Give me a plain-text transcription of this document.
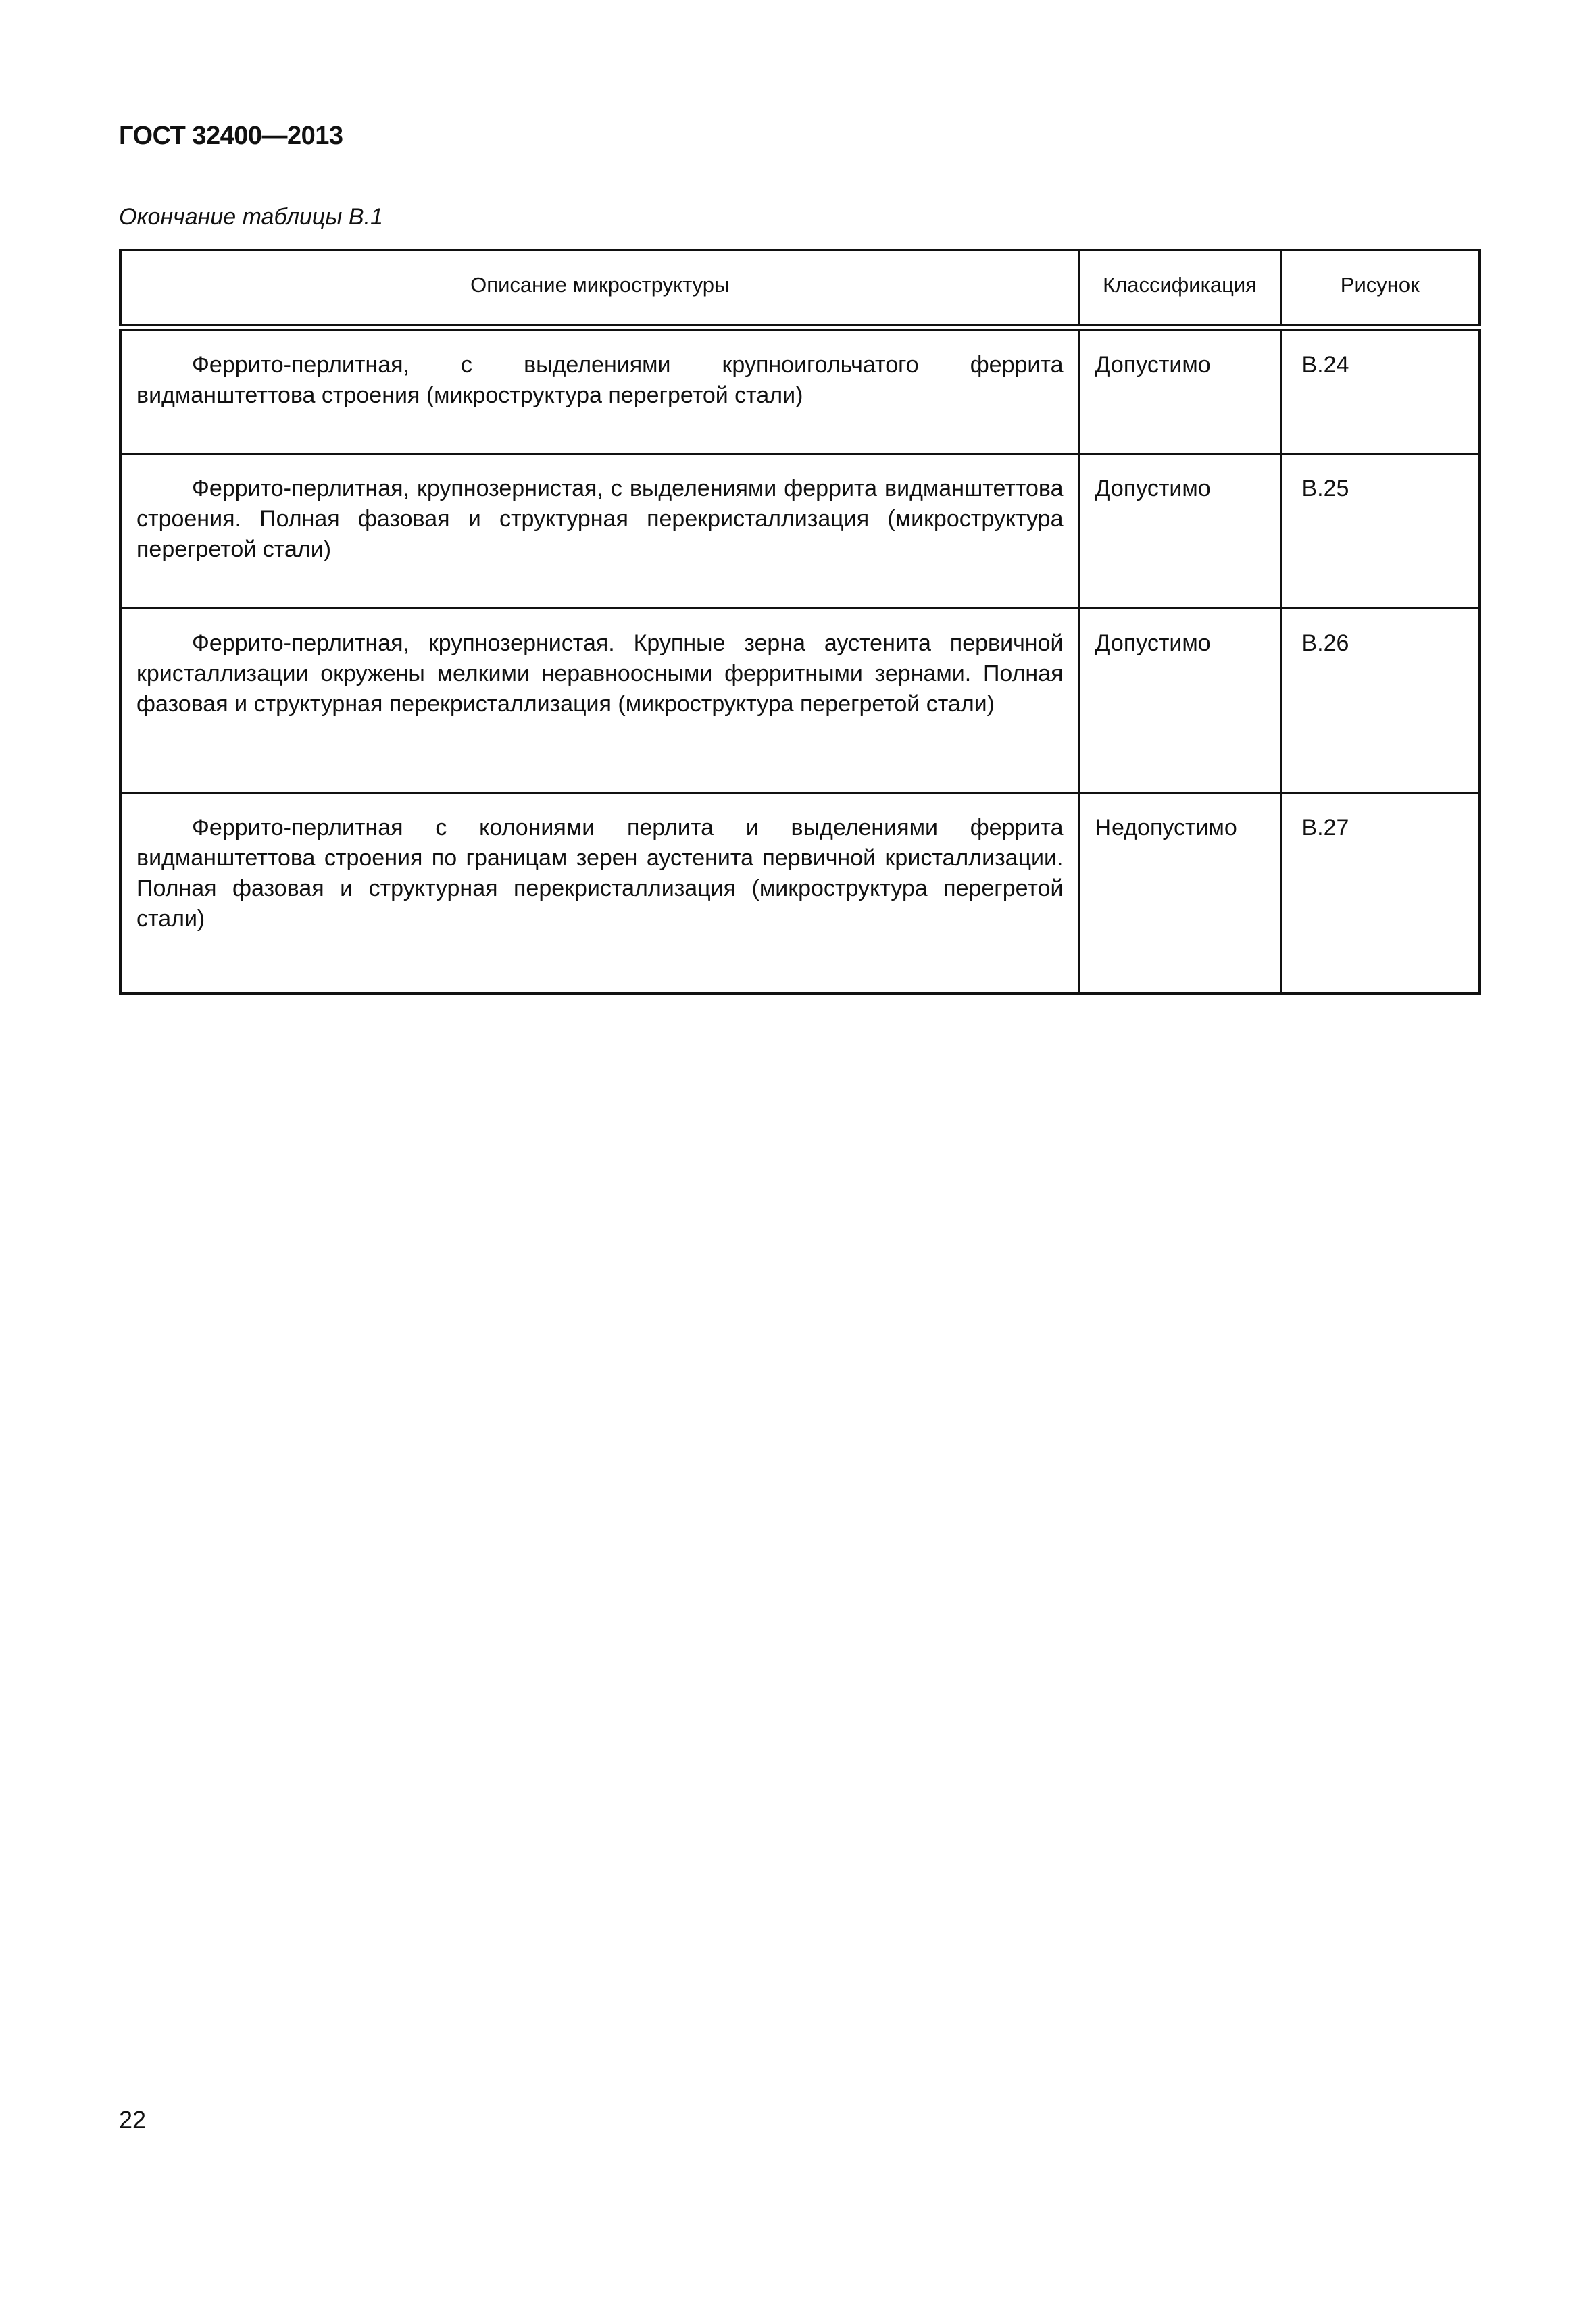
ГОСТ 32400—2013
Окончание таблицы В.1
Описание микроструктуры	Классификация	Рисунок

Феррито-перлитная, с выделениями крупноигольчатого феррита видманштеттова строения (микроструктура перегретой стали)	Допустимо	В.24

Феррито-перлитная, крупнозернистая, с выделениями феррита видманштеттова строения. Полная фазовая и структурная перекристаллизация (микроструктура перегретой стали)	Допустимо	В.25

Феррито-перлитная, крупнозернистая. Крупные зерна аустенита первичной кристаллизации окружены мелкими неравноосными ферритными зернами. Полная фазовая и структурная перекристаллизация (микроструктура перегретой стали)	Допустимо	В.26

Феррито-перлитная с колониями перлита и выделениями феррита видманштеттова строения по границам зерен аустенита первичной кристаллизации. Полная фазовая и структурная перекристаллизация (микроструктура перегретой стали)	Недопустимо	В.27
22
